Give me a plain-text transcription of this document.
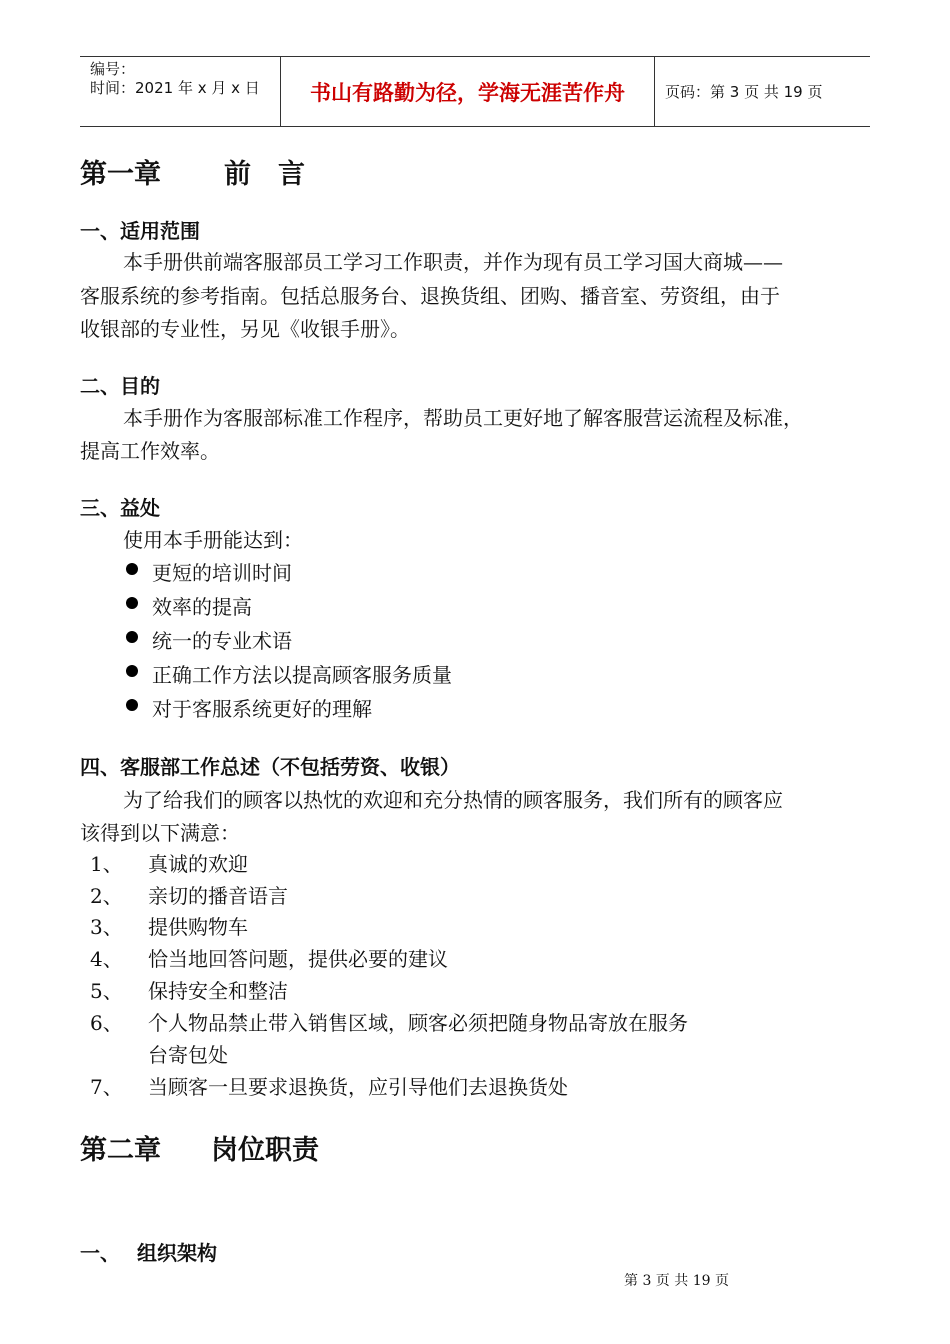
编号：
时间：2021 年 x 月 x 日	书山有路勤为径，学海无涯苦作舟	页码：第 3 页 共 19 页
第一章 前　言
一、适用范围
本手册供前端客服部员工学习工作职责，并作为现有员工学习国大商城——
客服系统的参考指南。包括总服务台、退换货组、团购、播音室、劳资组，由于
收银部的专业性，另见《收银手册》。
二、目的
本手册作为客服部标准工作程序，帮助员工更好地了解客服营运流程及标准，
提高工作效率。
三、益处
使用本手册能达到：
更短的培训时间
效率的提高
统一的专业术语
正确工作方法以提高顾客服务质量
对于客服系统更好的理解
四、客服部工作总述（不包括劳资、收银）
为了给我们的顾客以热忱的欢迎和充分热情的顾客服务，我们所有的顾客应
该得到以下满意：
1、 真诚的欢迎
2、 亲切的播音语言
3、 提供购物车
4、 恰当地回答问题，提供必要的建议
5、 保持安全和整洁
6、 个人物品禁止带入销售区域，顾客必须把随身物品寄放在服务
台寄包处
7、 当顾客一旦要求退换货，应引导他们去退换货处
第二章 岗位职责
一、 组织架构
第 3 页 共 19 页
